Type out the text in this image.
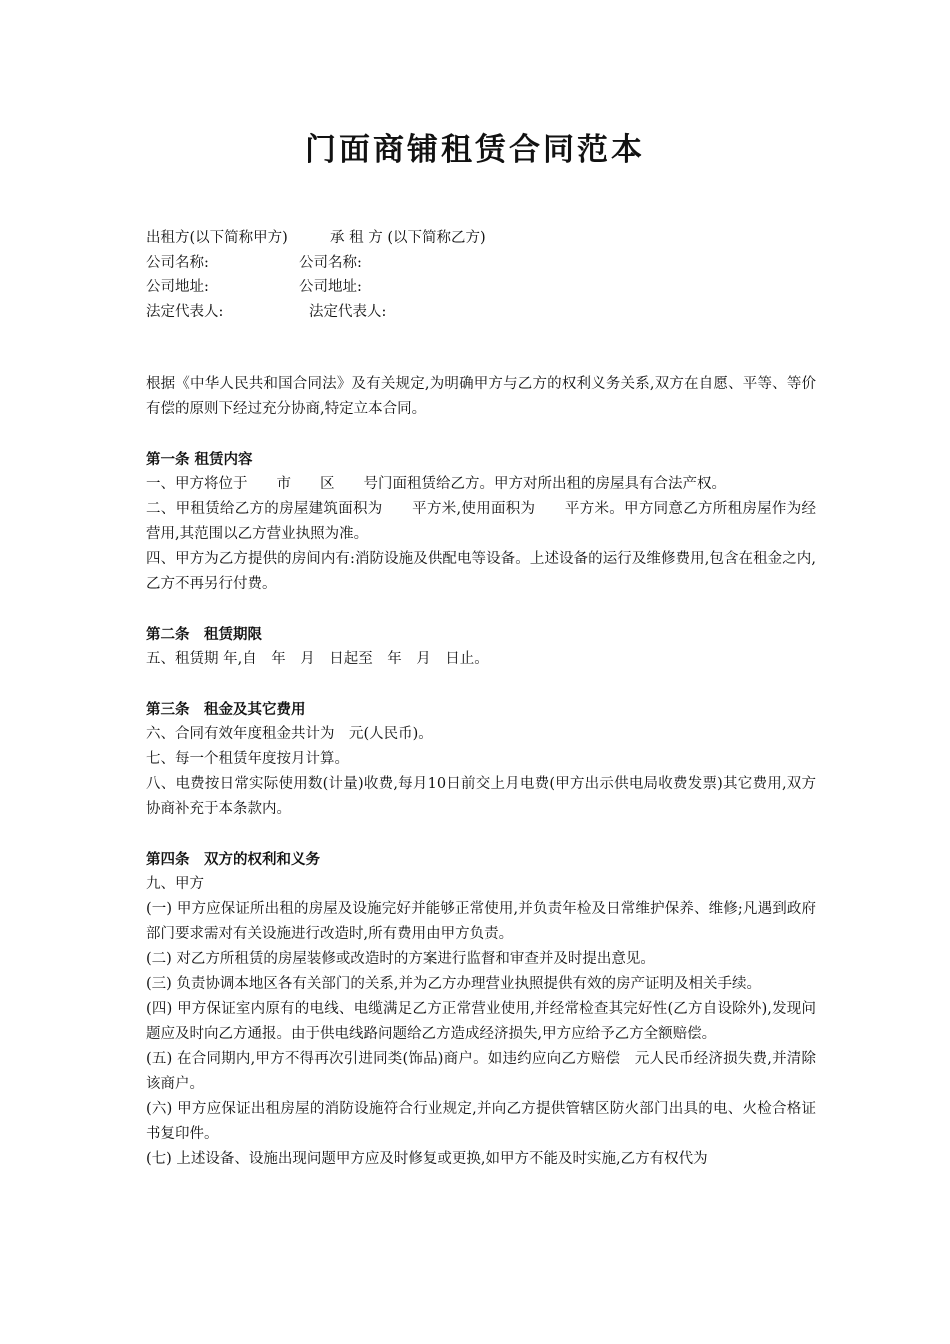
门面商铺租赁合同范本
出租方(以下简称甲方)	承 租 方 (以下简称乙方)
公司名称:	公司名称:
公司地址:	公司地址:
法定代表人:	法定代表人:

根据《中华人民共和国合同法》及有关规定,为明确甲方与乙方的权利义务关系,双方在自愿、平等、等价有偿的原则下经过充分协商,特定立本合同。

第一条 租赁内容

一、甲方将位于　　市　　区　　号门面租赁给乙方。甲方对所出租的房屋具有合法产权。

二、甲租赁给乙方的房屋建筑面积为　　平方米,使用面积为　　平方米。甲方同意乙方所租房屋作为经营用,其范围以乙方营业执照为准。

四、甲方为乙方提供的房间内有:消防设施及供配电等设备。上述设备的运行及维修费用,包含在租金之内,乙方不再另行付费。

第二条　租赁期限

五、租赁期 年,自　年　月　日起至　年　月　日止。

第三条　租金及其它费用

六、合同有效年度租金共计为　元(人民币)。

七、每一个租赁年度按月计算。

八、电费按日常实际使用数(计量)收费,每月10日前交上月电费(甲方出示供电局收费发票)其它费用,双方协商补充于本条款内。

第四条　双方的权利和义务

九、甲方

(一) 甲方应保证所出租的房屋及设施完好并能够正常使用,并负责年检及日常维护保养、维修;凡遇到政府部门要求需对有关设施进行改造时,所有费用由甲方负责。

(二) 对乙方所租赁的房屋装修或改造时的方案进行监督和审查并及时提出意见。

(三) 负责协调本地区各有关部门的关系,并为乙方办理营业执照提供有效的房产证明及相关手续。

(四) 甲方保证室内原有的电线、电缆满足乙方正常营业使用,并经常检查其完好性(乙方自设除外),发现问题应及时向乙方通报。由于供电线路问题给乙方造成经济损失,甲方应给予乙方全额赔偿。

(五) 在合同期内,甲方不得再次引进同类(饰品)商户。如违约应向乙方赔偿　元人民币经济损失费,并清除该商户。

(六) 甲方应保证出租房屋的消防设施符合行业规定,并向乙方提供管辖区防火部门出具的电、火检合格证书复印件。

(七) 上述设备、设施出现问题甲方应及时修复或更换,如甲方不能及时实施,乙方有权代为
